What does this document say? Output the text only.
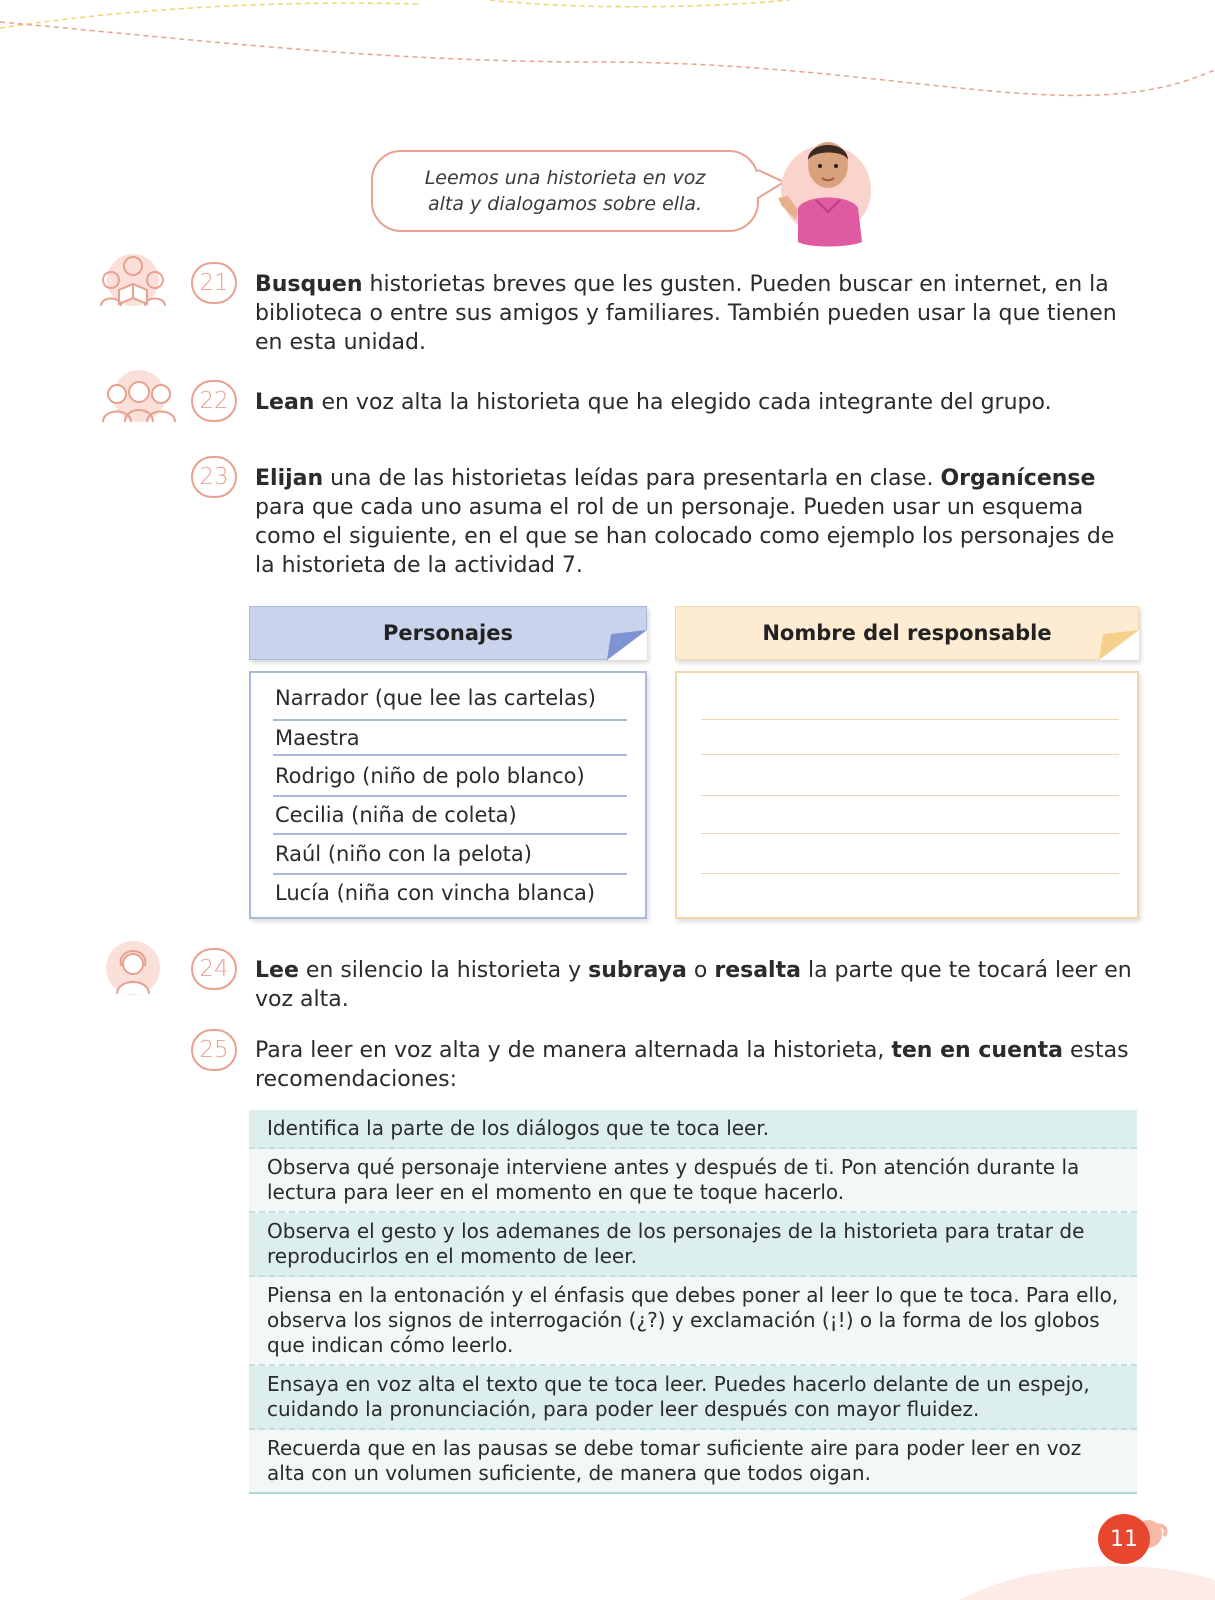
Leemos una historieta en voz
alta y dialogamos sobre ella.
21	Busquen historietas breves que les gusten. Pueden buscar en internet, en la biblioteca o entre sus amigos y familiares. También pueden usar la que tienen en esta unidad.
22	Lean en voz alta la historieta que ha elegido cada integrante del grupo.
23	Elijan una de las historietas leídas para presentarla en clase. Organícense para que cada uno asuma el rol de un personaje. Pueden usar un esquema como el siguiente, en el que se han colocado como ejemplo los personajes de la historieta de la actividad 7.
Personajes	Nombre del responsable
Narrador (que lee las cartelas)
Maestra
Rodrigo (niño de polo blanco)
Cecilia (niña de coleta)
Raúl (niño con la pelota)
Lucía (niña con vincha blanca)
24	Lee en silencio la historieta y subraya o resalta la parte que te tocará leer en voz alta.
25	Para leer en voz alta y de manera alternada la historieta, ten en cuenta estas recomendaciones:
Identifica la parte de los diálogos que te toca leer.
Observa qué personaje interviene antes y después de ti. Pon atención durante la lectura para leer en el momento en que te toque hacerlo.
Observa el gesto y los ademanes de los personajes de la historieta para tratar de reproducirlos en el momento de leer.
Piensa en la entonación y el énfasis que debes poner al leer lo que te toca. Para ello, observa los signos de interrogación (¿?) y exclamación (¡!) o la forma de los globos que indican cómo leerlo.
Ensaya en voz alta el texto que te toca leer. Puedes hacerlo delante de un espejo, cuidando la pronunciación, para poder leer después con mayor fluidez.
Recuerda que en las pausas se debe tomar suficiente aire para poder leer en voz alta con un volumen suficiente, de manera que todos oigan.
11
